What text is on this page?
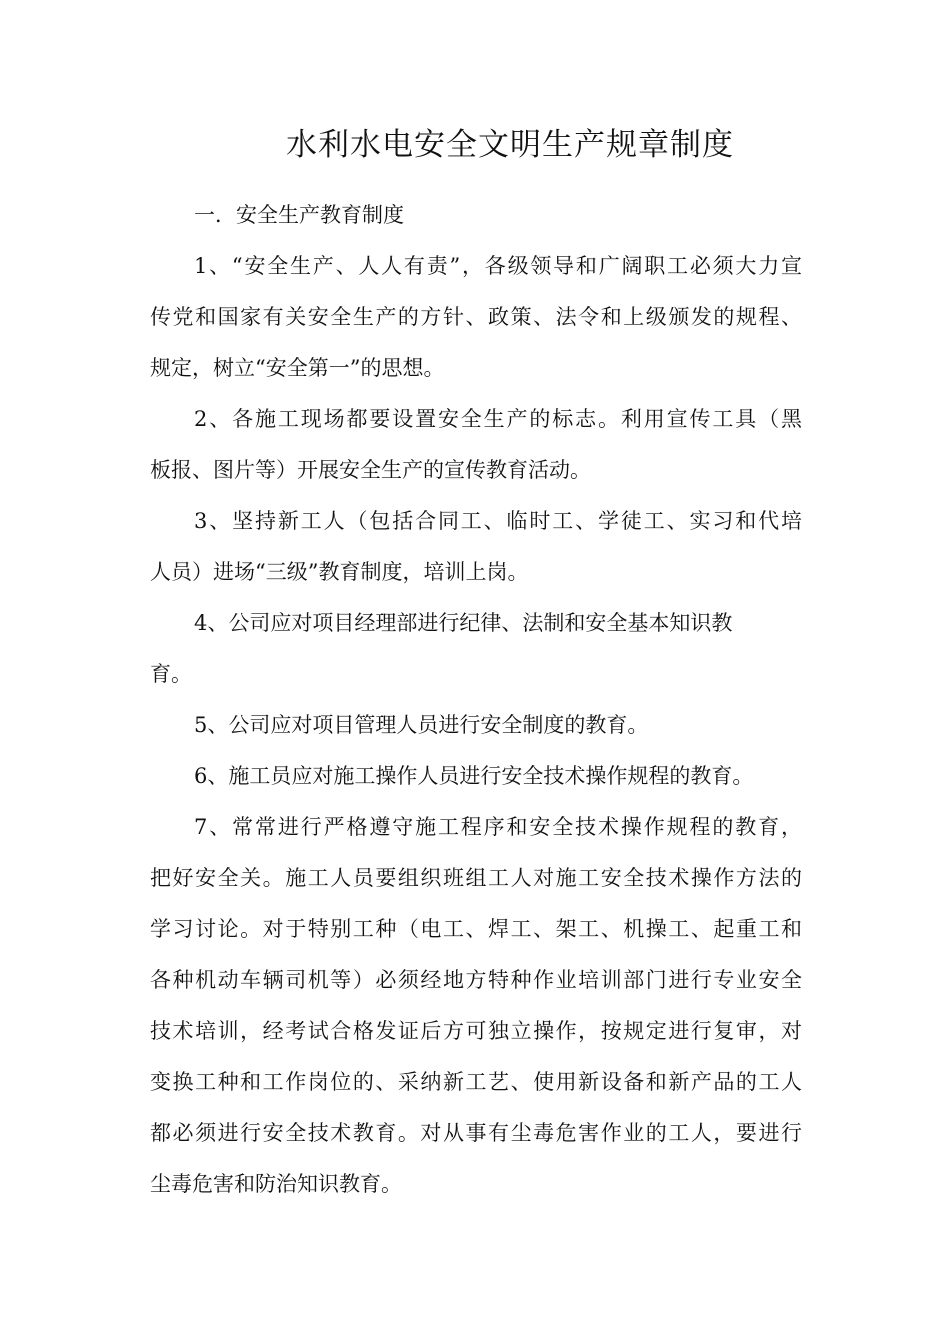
水利水电安全文明生产规章制度
一．安全生产教育制度
1、“安全生产、人人有责”，各级领导和广阔职工必须大力宣
传党和国家有关安全生产的方针、政策、法令和上级颁发的规程、
规定，树立“安全第一”的思想。
2、各施工现场都要设置安全生产的标志。利用宣传工具（黑
板报、图片等）开展安全生产的宣传教育活动。
3、坚持新工人（包括合同工、临时工、学徒工、实习和代培
人员）进场“三级”教育制度，培训上岗。
4、公司应对项目经理部进行纪律、法制和安全基本知识教
育。
5、公司应对项目管理人员进行安全制度的教育。
6、施工员应对施工操作人员进行安全技术操作规程的教育。
7、常常进行严格遵守施工程序和安全技术操作规程的教育，
把好安全关。施工人员要组织班组工人对施工安全技术操作方法的
学习讨论。对于特别工种（电工、焊工、架工、机操工、起重工和
各种机动车辆司机等）必须经地方特种作业培训部门进行专业安全
技术培训，经考试合格发证后方可独立操作，按规定进行复审，对
变换工种和工作岗位的、采纳新工艺、使用新设备和新产品的工人
都必须进行安全技术教育。对从事有尘毒危害作业的工人，要进行
尘毒危害和防治知识教育。
